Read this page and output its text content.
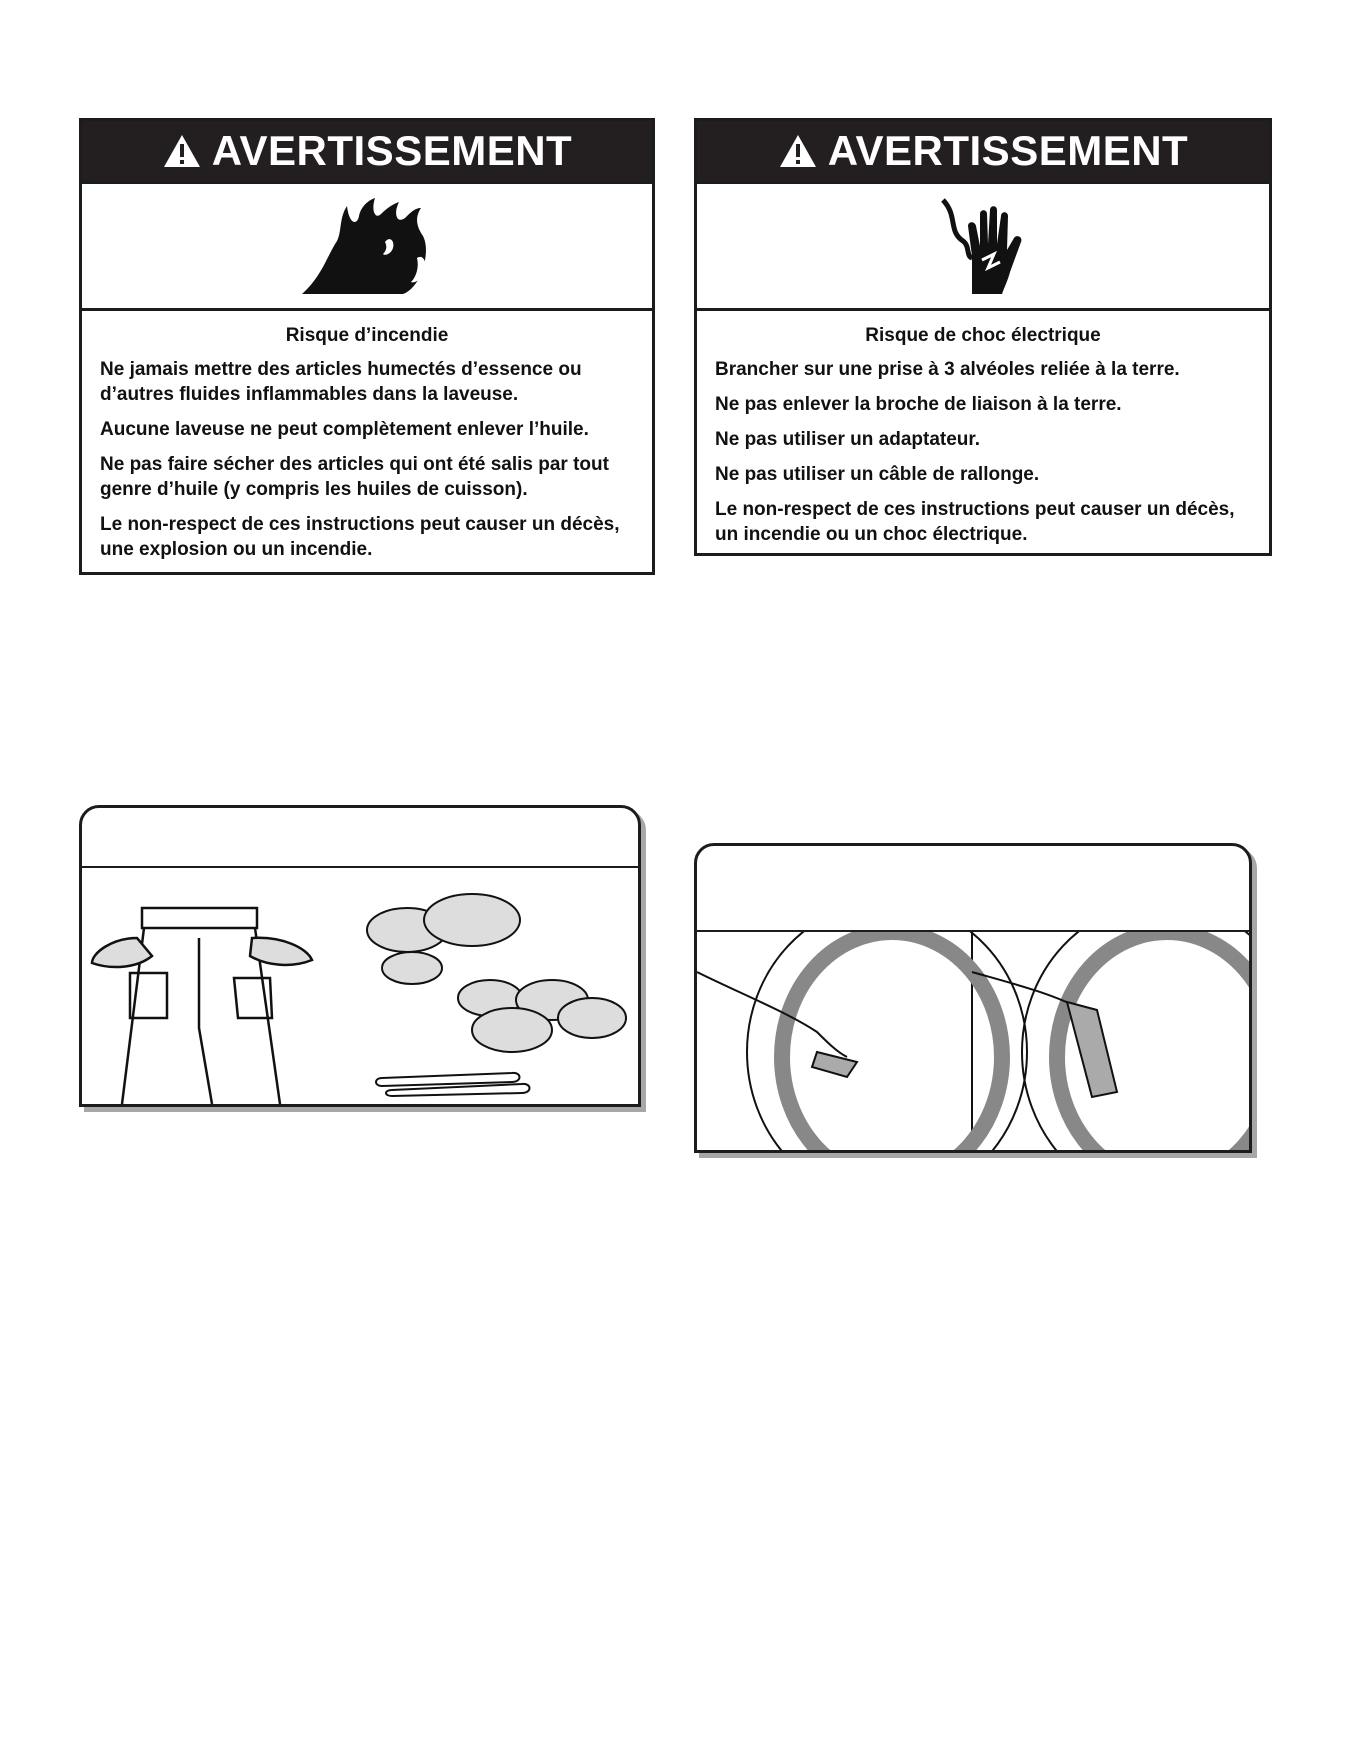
AVERTISSEMENT
Risque d’incendie

Ne jamais mettre des articles humectés d’essence ou d’autres fluides inflammables dans la laveuse.

Aucune laveuse ne peut complètement enlever l’huile.

Ne pas faire sécher des articles qui ont été salis par tout genre d’huile (y compris les huiles de cuisson).

Le non-respect de ces instructions peut causer un décès, une explosion ou un incendie.

AVERTISSEMENT
Risque de choc électrique

Brancher sur une prise à 3 alvéoles reliée à la terre.

Ne pas enlever la broche de liaison à la terre.

Ne pas utiliser un adaptateur.

Ne pas utiliser un câble de rallonge.

Le non-respect de ces instructions peut causer un décès, un incendie ou un choc électrique.
